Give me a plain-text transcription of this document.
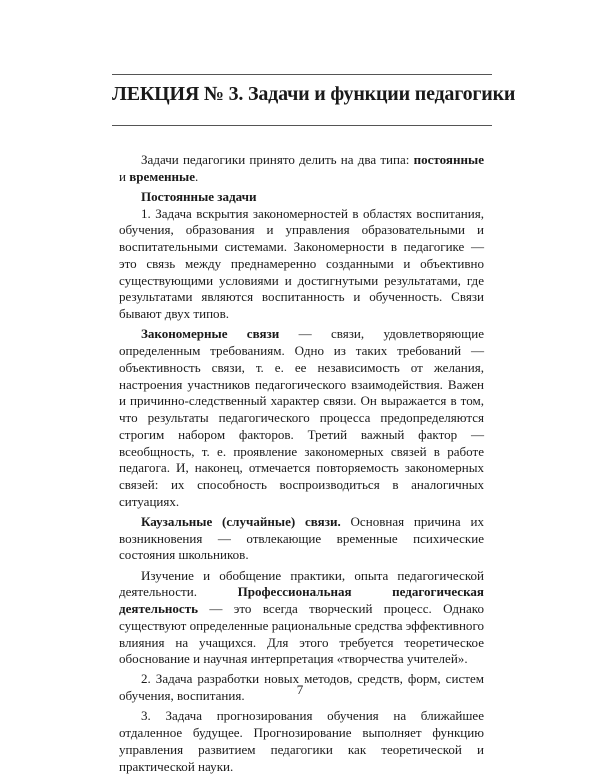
ЛЕКЦИЯ № 3. Задачи и функции педагогики

Задачи педагогики принято делить на два типа: постоянные и временные.

Постоянные задачи

1. Задача вскрытия закономерностей в областях воспитания, обучения, образования и управления образовательными и воспитательными системами. Закономерности в педагогике — это связь между преднамеренно созданными и объективно существующими условиями и достигнутыми результатами, где результатами являются воспитанность и обученность. Связи бывают двух типов.

Закономерные связи — связи, удовлетворяющие определенным требованиям. Одно из таких требований — объективность связи, т. е. ее независимость от желания, настроения участников педагогического взаимодействия. Важен и причинно-следственный характер связи. Он выражается в том, что результаты педагогического процесса предопределяются строгим набором факторов. Третий важный фактор — всеобщность, т. е. проявление закономерных связей в работе педагога. И, наконец, отмечается повторяемость закономерных связей: их способность воспроизводиться в аналогичных ситуациях.

Каузальные (случайные) связи. Основная причина их возникновения — отвлекающие временные психические состояния школьников.

Изучение и обобщение практики, опыта педагогической деятельности. Профессиональная педагогическая деятельность — это всегда творческий процесс. Однако существуют определенные рациональные средства эффективного влияния на учащихся. Для этого требуется теоретическое обоснование и научная интерпретация «творчества учителей».

2. Задача разработки новых методов, средств, форм, систем обучения, воспитания.

3. Задача прогнозирования обучения на ближайшее отдаленное будущее. Прогнозирование выполняет функцию управления развитием педагогики как теоретической и практической науки.

7
